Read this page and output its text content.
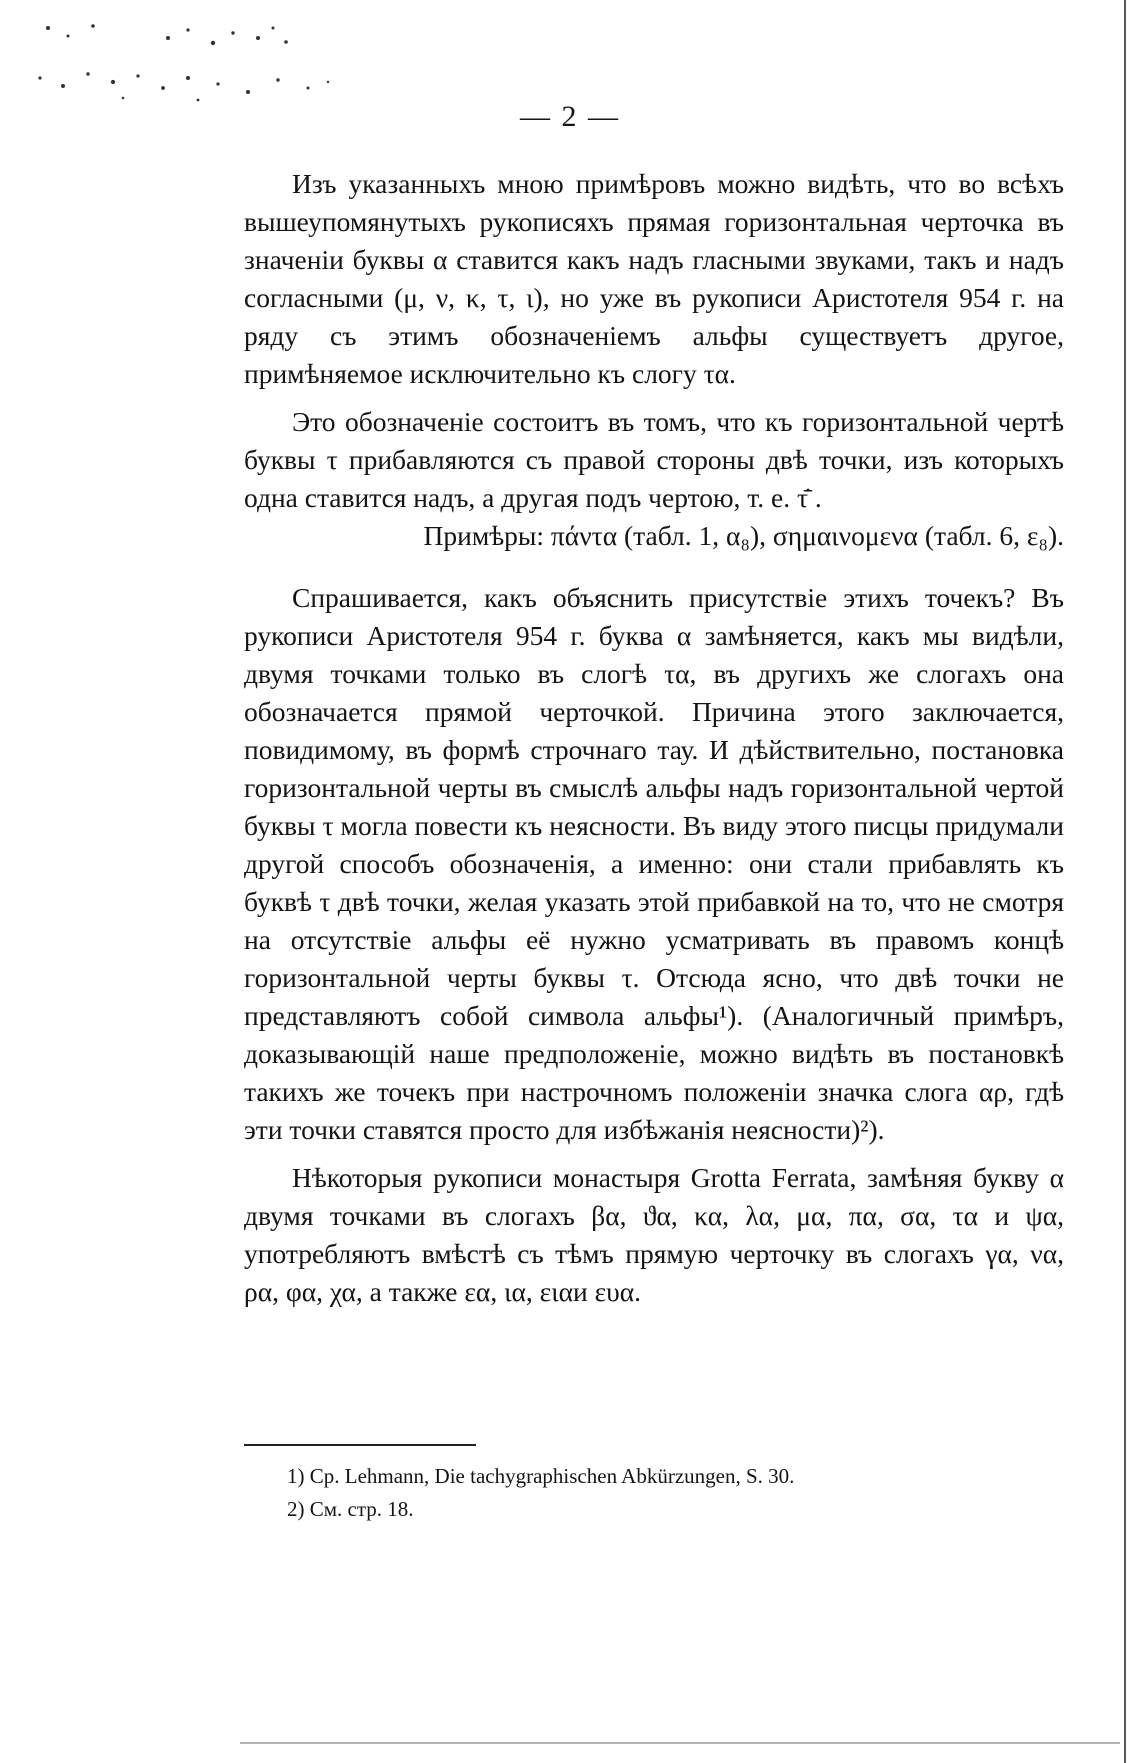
— 2 —

Изъ указанныхъ мною примѣровъ можно видѣть, что во всѣхъ вышеупомянутыхъ рукописяхъ прямая горизонтальная черточка въ значенiи буквы α ставится какъ надъ гласными звуками, такъ и надъ согласными (μ, ν, κ, τ, ι), но уже въ рукописи Аристотеля 954 г. на ряду съ этимъ обозначенiемъ альфы существуетъ другое, примѣняемое исключительно къ слогу τα.

Это обозначенiе состоитъ въ томъ, что къ горизонтальной чертѣ буквы τ прибавляются съ правой стороны двѣ точки, изъ которыхъ одна ставится надъ, а другая подъ чертою, т. е. τ̄̇ .

Примѣры: πάντα (табл. 1, α₈), σημαινομενα (табл. 6, ε₈).

Спрашивается, какъ объяснить присутствiе этихъ точекъ? Въ рукописи Аристотеля 954 г. буква α замѣняется, какъ мы видѣли, двумя точками только въ слогѣ τα, въ другихъ же слогахъ она обозначается прямой черточкой. Причина этого заключается, повидимому, въ формѣ строчнаго тау. И дѣйствительно, постановка горизонтальной черты въ смыслѣ альфы надъ горизонтальной чертой буквы τ могла повести къ неясности. Въ виду этого писцы придумали другой способъ обозначенiя, а именно: они стали прибавлять къ буквѣ τ двѣ точки, желая указать этой прибавкой на то, что не смотря на отсутствiе альфы её нужно усматривать въ правомъ концѣ горизонтальной черты буквы τ. Отсюда ясно, что двѣ точки не представляютъ собой символа альфы¹). (Аналогичный примѣръ, доказывающiй наше предположенiе, можно видѣть въ постановкѣ такихъ же точекъ при настрочномъ положенiи значка слога αρ, гдѣ эти точки ставятся просто для избѣжанiя неясности)²).

Нѣкоторыя рукописи монастыря Grotta Ferrata, замѣняя букву α двумя точками въ слогахъ βα, ϑα, κα, λα, μα, πα, σα, τα и ψα, употребляютъ вмѣстѣ съ тѣмъ прямую черточку въ слогахъ γα, να, ρα, φα, χα, а также εα, ια, ειαи ευα.

1) Ср. Lehmann, Die tachygraphischen Abkürzungen, S. 30.
2) См. стр. 18.
